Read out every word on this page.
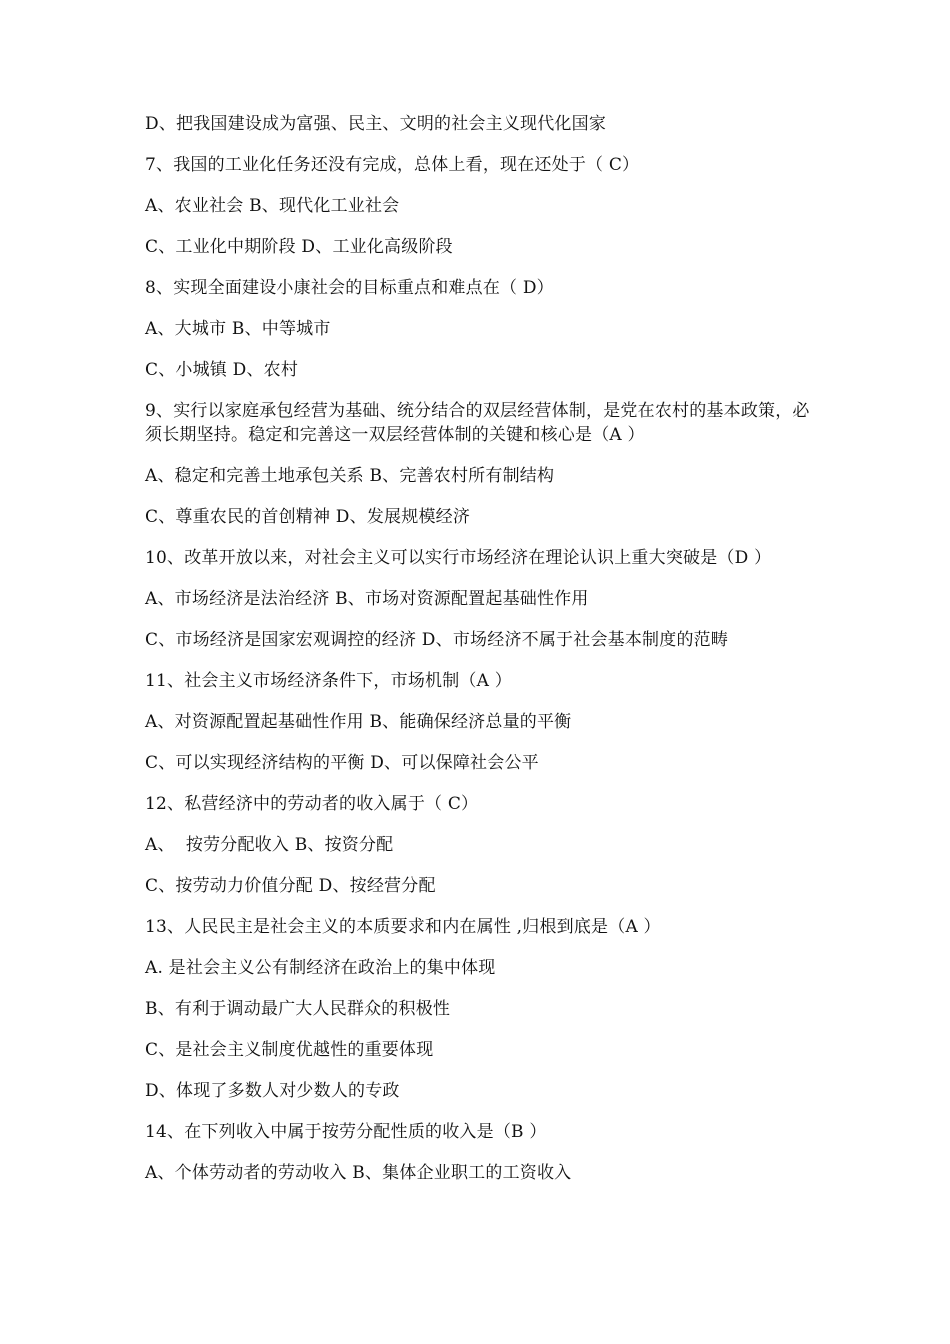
D、把我国建设成为富强、民主、文明的社会主义现代化国家

7、我国的工业化任务还没有完成，总体上看，现在还处于（ C）

A、农业社会 B、现代化工业社会

C、工业化中期阶段 D、工业化高级阶段

8、实现全面建设小康社会的目标重点和难点在（ D）

A、大城市 B、中等城市

C、小城镇 D、农村

9、实行以家庭承包经营为基础、统分结合的双层经营体制，是党在农村的基本政策，必须长期坚持。稳定和完善这一双层经营体制的关键和核心是（A ）

A、稳定和完善土地承包关系 B、完善农村所有制结构

C、尊重农民的首创精神 D、发展规模经济

10、改革开放以来，对社会主义可以实行市场经济在理论认识上重大突破是（D ）

A、市场经济是法治经济 B、市场对资源配置起基础性作用

C、市场经济是国家宏观调控的经济 D、市场经济不属于社会基本制度的范畴

11、社会主义市场经济条件下，市场机制（A ）

A、对资源配置起基础性作用 B、能确保经济总量的平衡

C、可以实现经济结构的平衡 D、可以保障社会公平

12、私营经济中的劳动者的收入属于（ C）

A、  按劳分配收入 B、按资分配

C、按劳动力价值分配 D、按经营分配

13、人民民主是社会主义的本质要求和内在属性 ,归根到底是（A ）

A. 是社会主义公有制经济在政治上的集中体现

B、有利于调动最广大人民群众的积极性

C、是社会主义制度优越性的重要体现

D、体现了多数人对少数人的专政

14、在下列收入中属于按劳分配性质的收入是（B ）

A、个体劳动者的劳动收入 B、集体企业职工的工资收入
